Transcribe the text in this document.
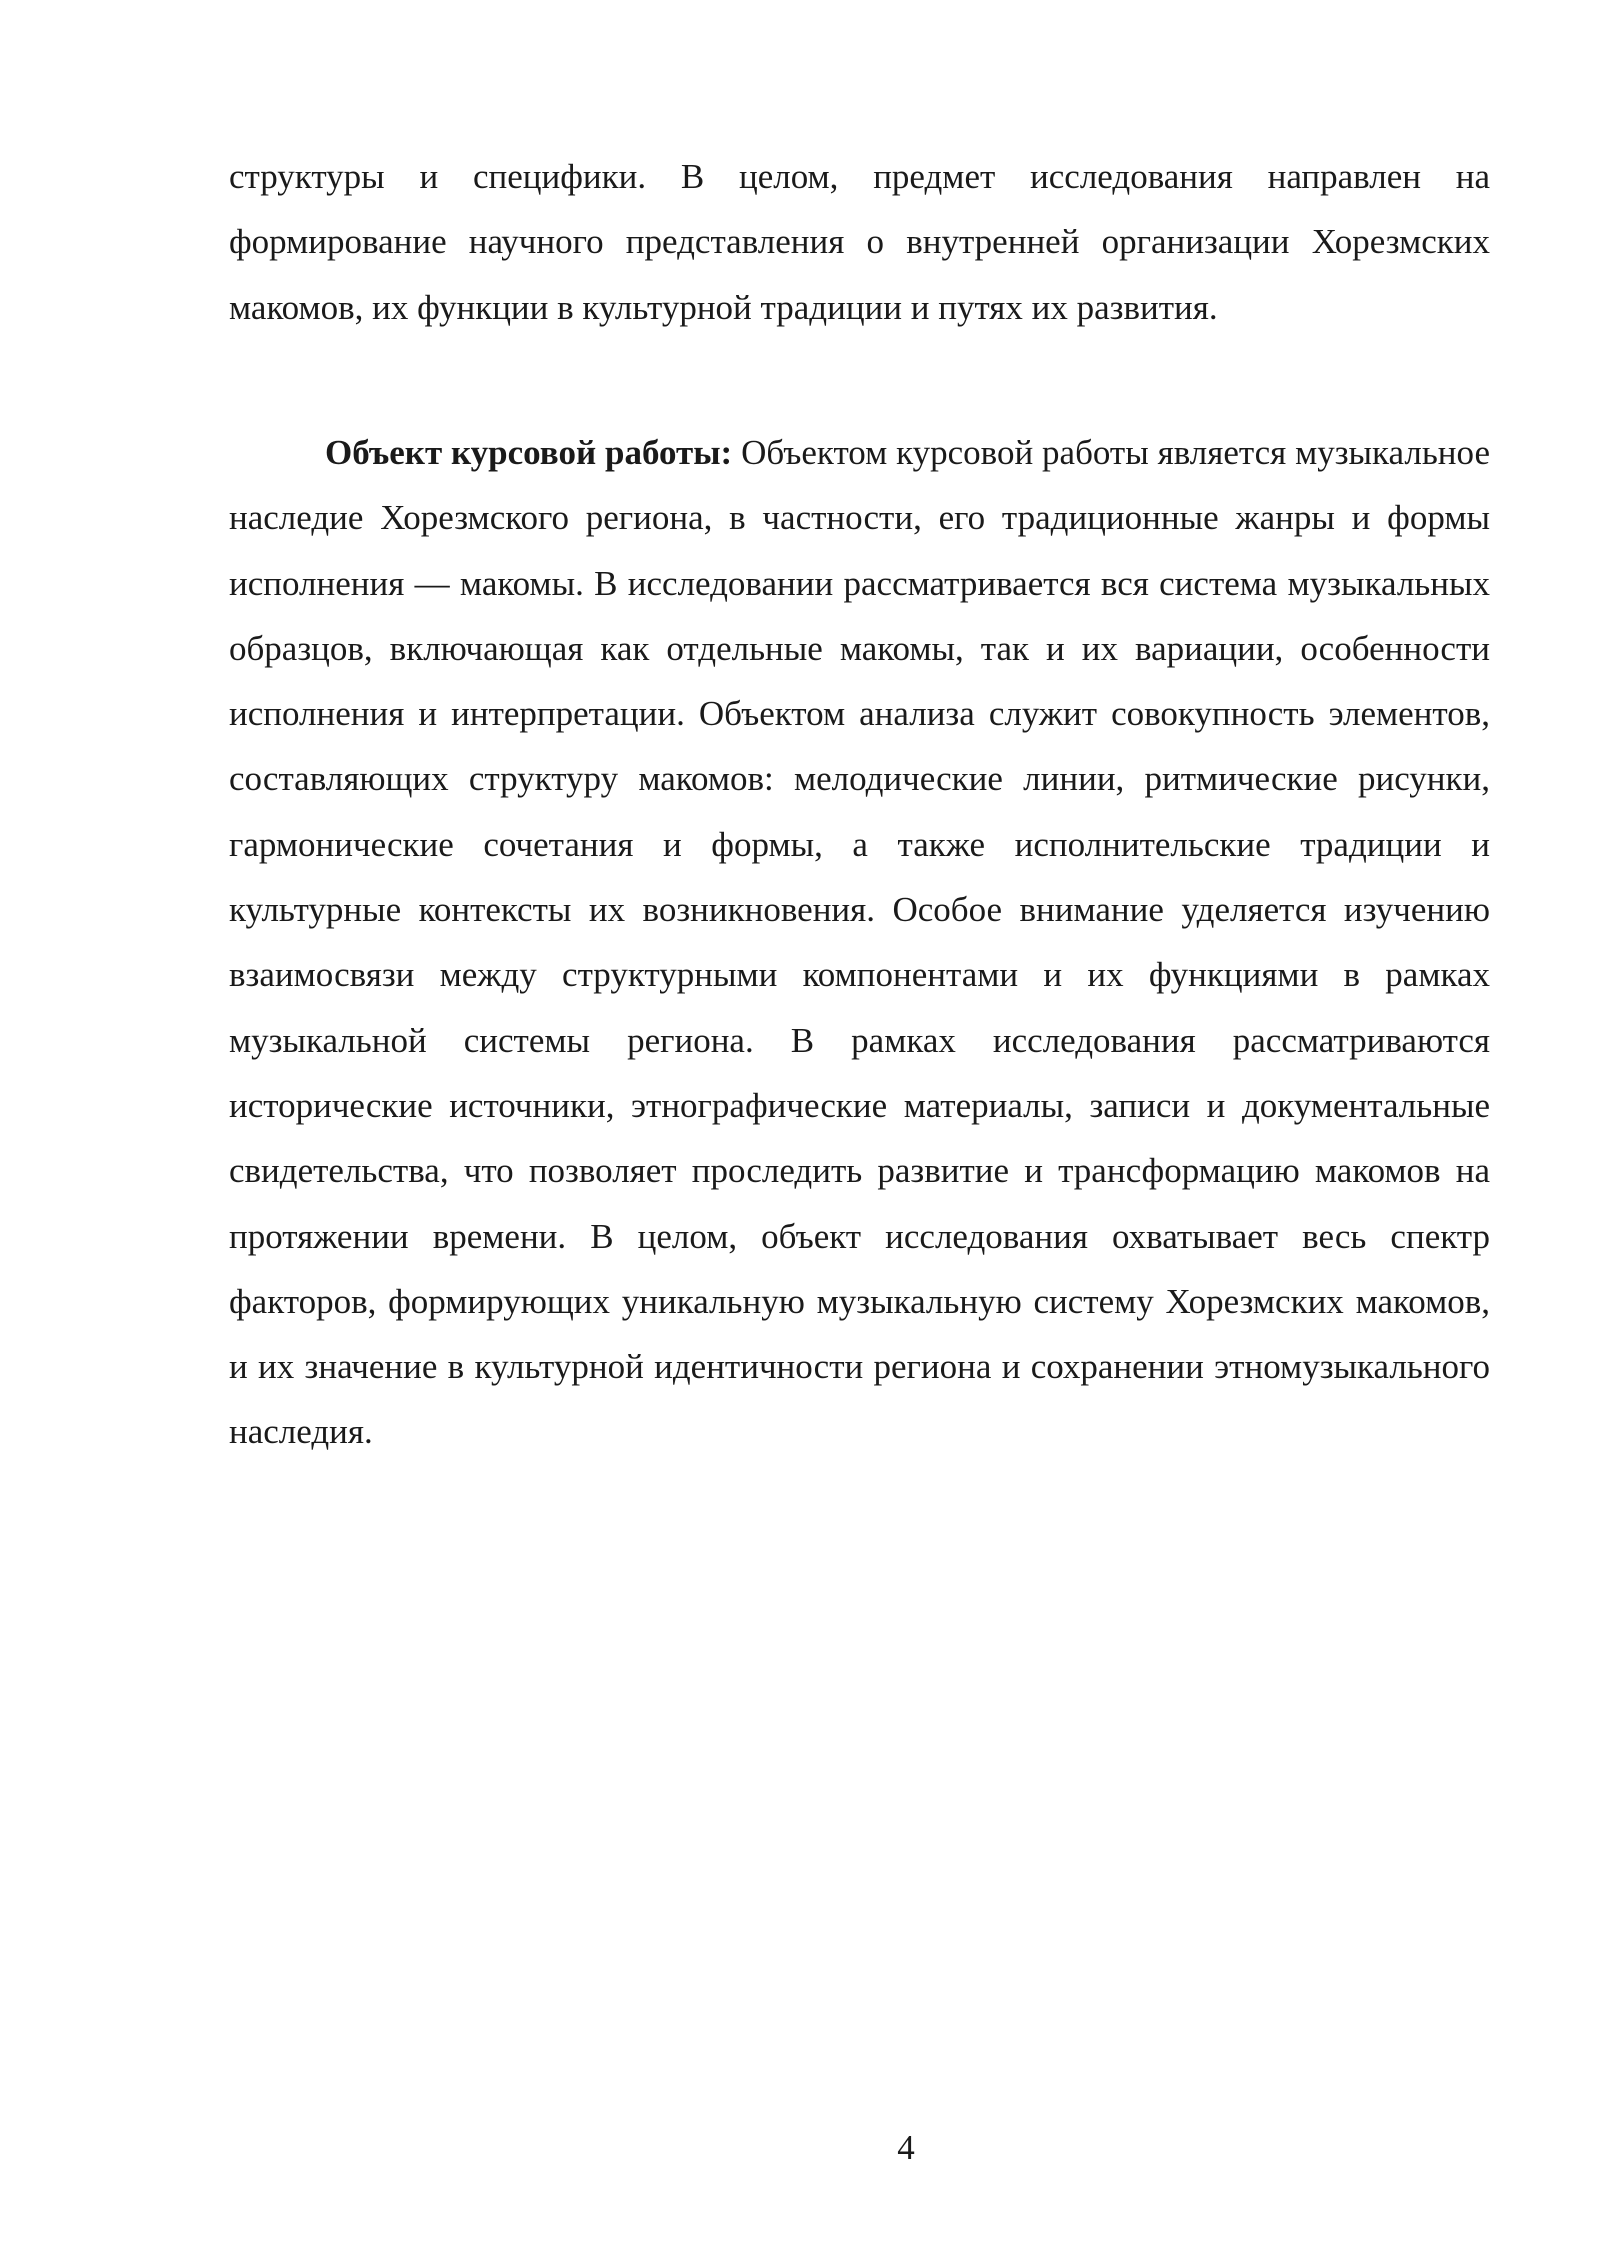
структуры и специфики. В целом, предмет исследования направлен на формирование научного представления о внутренней организации Хорезмских макомов, их функции в культурной традиции и путях их развития.

Объект курсовой работы: Объектом курсовой работы является музыкальное наследие Хорезмского региона, в частности, его традиционные жанры и формы исполнения — макомы. В исследовании рассматривается вся система музыкальных образцов, включающая как отдельные макомы, так и их вариации, особенности исполнения и интерпретации. Объектом анализа служит совокупность элементов, составляющих структуру макомов: мелодические линии, ритмические рисунки, гармонические сочетания и формы, а также исполнительские традиции и культурные контексты их возникновения. Особое внимание уделяется изучению взаимосвязи между структурными компонентами и их функциями в рамках музыкальной системы региона. В рамках исследования рассматриваются исторические источники, этнографические материалы, записи и документальные свидетельства, что позволяет проследить развитие и трансформацию макомов на протяжении времени. В целом, объект исследования охватывает весь спектр факторов, формирующих уникальную музыкальную систему Хорезмских макомов, и их значение в культурной идентичности региона и сохранении этномузыкального наследия.

4
